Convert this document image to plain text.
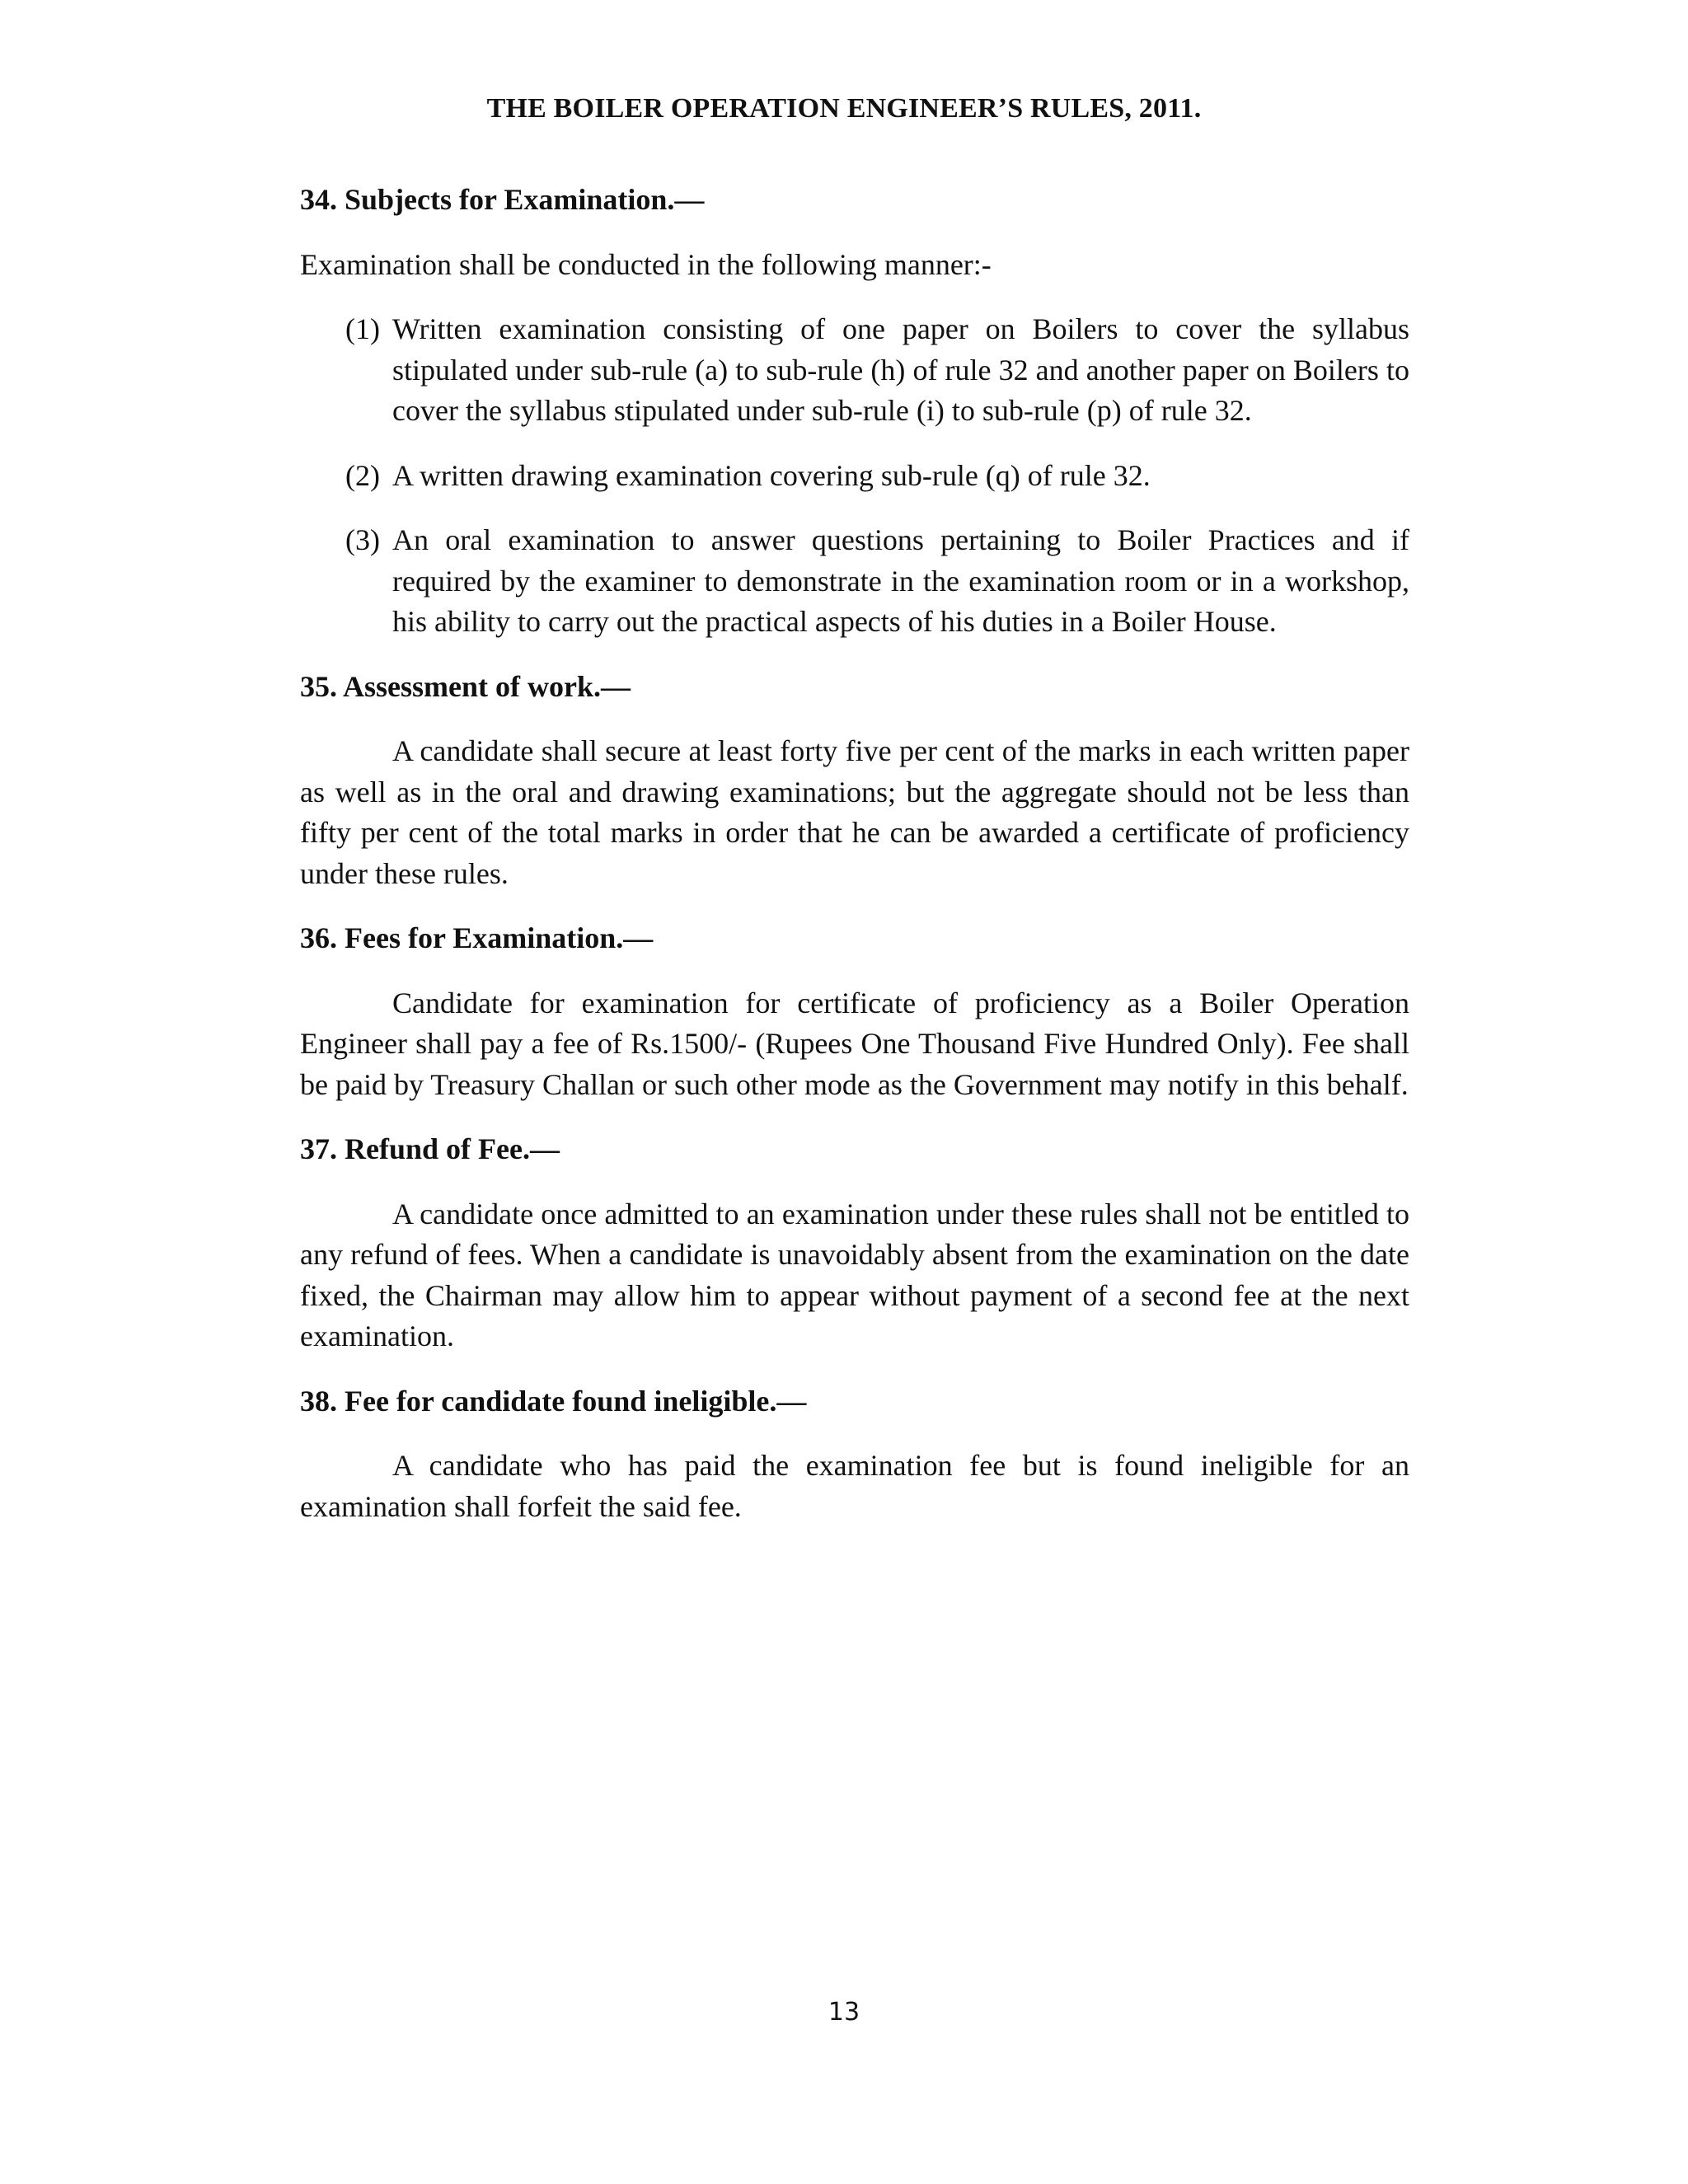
THE BOILER OPERATION ENGINEER’S RULES, 2011.
34. Subjects for Examination.—
Examination shall be conducted in the following manner:-
(1) Written examination consisting of one paper on Boilers to cover the syllabus stipulated under sub-rule (a) to sub-rule (h) of rule 32 and another paper on Boilers to cover the syllabus stipulated under sub-rule (i) to sub-rule (p) of rule 32.
(2) A written drawing examination covering sub-rule (q) of rule 32.
(3) An oral examination to answer questions pertaining to Boiler Practices and if required by the examiner to demonstrate in the examination room or in a workshop, his ability to carry out the practical aspects of his duties in a Boiler House.
35. Assessment of work.—
A candidate shall secure at least forty five per cent of the marks in each written paper as well as in the oral and drawing examinations; but the aggregate should not be less than fifty per cent of the total marks in order that he can be awarded a certificate of proficiency under these rules.
36. Fees for Examination.—
Candidate for examination for certificate of proficiency as a Boiler Operation Engineer shall pay a fee of Rs.1500/- (Rupees One Thousand Five Hundred Only). Fee shall be paid by Treasury Challan or such other mode as the Government may notify in this behalf.
37. Refund of Fee.—
A candidate once admitted to an examination under these rules shall not be entitled to any refund of fees. When a candidate is unavoidably absent from the examination on the date fixed, the Chairman may allow him to appear without payment of a second fee at the next examination.
38. Fee for candidate found ineligible.—
A candidate who has paid the examination fee but is found ineligible for an examination shall forfeit the said fee.
13
